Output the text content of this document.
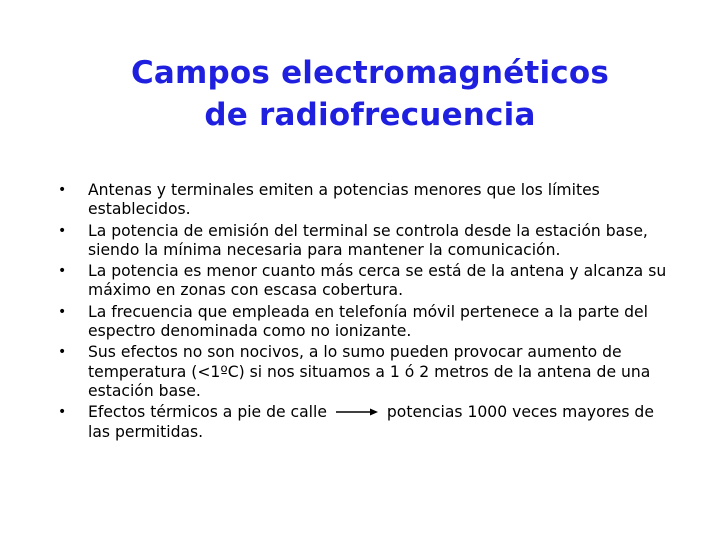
Campos electromagnéticos
de radiofrecuencia
•	Antenas y terminales emiten a potencias menores que los límites establecidos.
•	La potencia de emisión del terminal se controla desde la estación base, siendo la mínima necesaria para mantener la comunicación.
•	La potencia es menor cuanto más cerca se está de la antena y alcanza su máximo en zonas con escasa cobertura.
•	La frecuencia que empleada en telefonía móvil pertenece a la parte del espectro denominada como no ionizante.
•	Sus efectos no son nocivos, a lo sumo pueden provocar aumento de temperatura (<1ºC) si nos situamos a 1 ó 2 metros de la antena de una estación base.
•	Efectos térmicos a pie de calle	potencias 1000 veces mayores de las permitidas.
